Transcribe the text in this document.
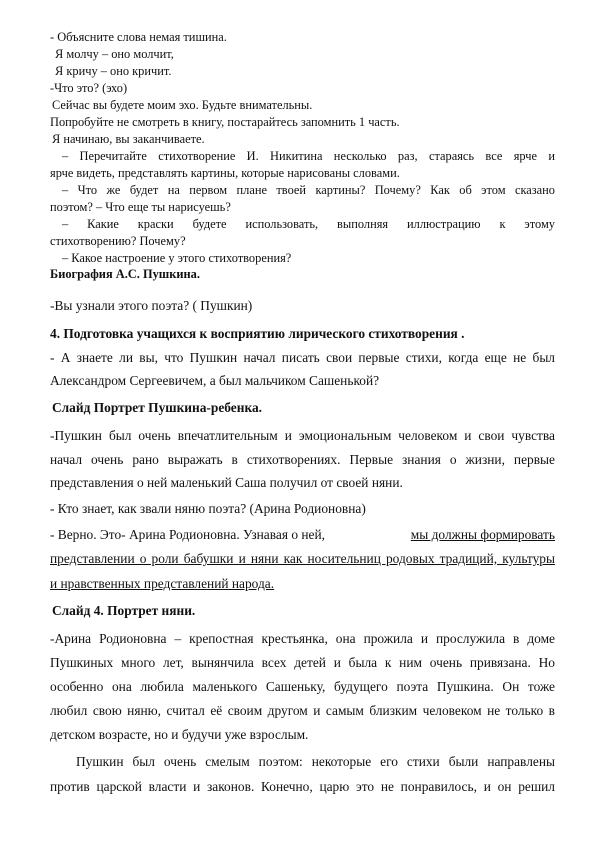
- Объясните слова немая тишина.
Я молчу – оно молчит,
Я кричу – оно кричит.
-Что это? (эхо)
Сейчас вы будете моим эхо. Будьте внимательны.
Попробуйте не смотреть в книгу, постарайтесь запомнить 1 часть.
Я начинаю, вы заканчиваете.
– Перечитайте стихотворение И. Никитина несколько раз, стараясь все ярче и
ярче видеть, представлять картины, которые нарисованы словами.
– Что же будет на первом плане твоей картины? Почему? Как об этом сказано
поэтом? – Что еще ты нарисуешь?
– Какие краски будете использовать, выполняя иллюстрацию к этому
стихотворению? Почему?
– Какое настроение у этого стихотворения?
Биография А.С. Пушкина.
-Вы узнали этого поэта? ( Пушкин)
4. Подготовка учащихся к восприятию лирического стихотворения .
- А знаете ли вы, что Пушкин начал писать свои первые стихи, когда еще не был
Александром Сергеевичем, а был мальчиком Сашенькой?
Слайд Портрет Пушкина-ребенка.
-Пушкин был очень впечатлительным и эмоциональным человеком и свои чувства
начал очень рано выражать в стихотворениях. Первые знания о жизни, первые
представления о ней маленький Саша получил от своей няни.
- Кто знает, как звали няню поэта? (Арина Родионовна)
- Верно. Это- Арина Родионовна. Узнавая о ней,	мы должны формировать
представлении о роли бабушки и няни как носительниц родовых традиций, культуры
и нравственных представлений народа.
Слайд 4. Портрет няни.
-Арина Родионовна – крепостная крестьянка, она прожила и прослужила в доме
Пушкиных много лет, вынянчила всех детей и была к ним очень привязана. Но
особенно она любила маленького Сашеньку, будущего поэта Пушкина. Он тоже
любил свою няню, считал её своим другом и самым близким человеком не только в
детском возрасте, но и будучи уже взрослым.
Пушкин был очень смелым поэтом: некоторые его стихи были направлены
против царской власти и законов. Конечно, царю это не понравилось, и он решил
